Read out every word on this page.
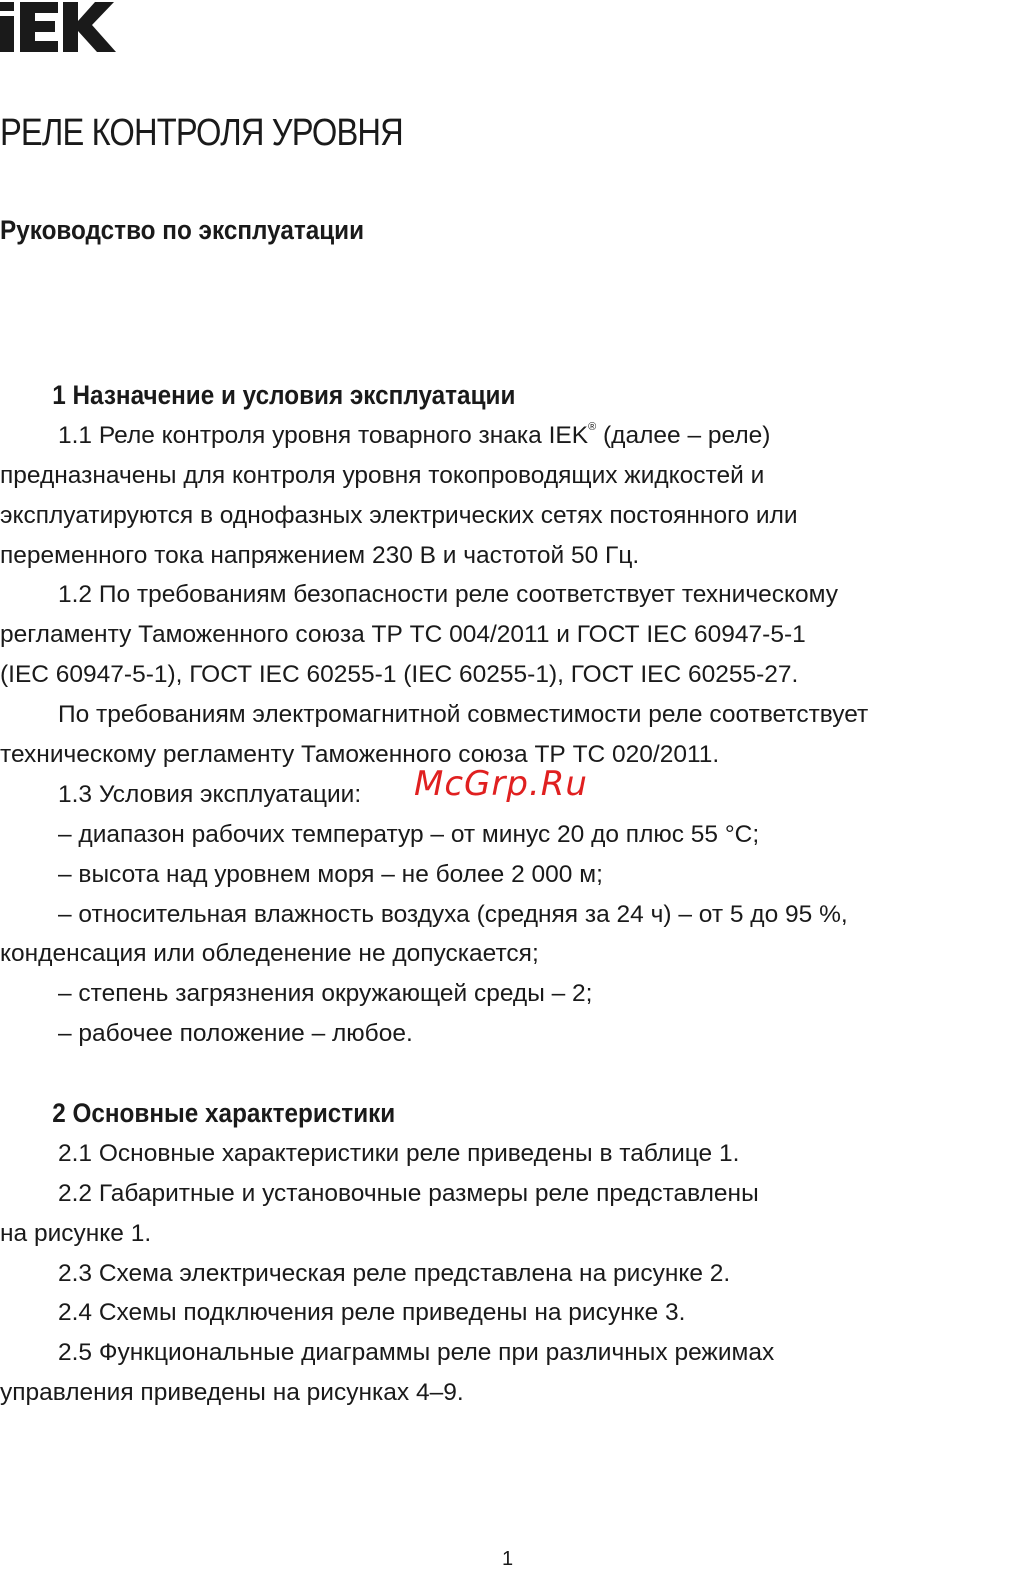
РЕЛЕ КОНТРОЛЯ УРОВНЯ
Руководство по эксплуатации
1 Назначение и условия эксплуатации
1.1 Реле контроля уровня товарного знака IEK® (далее – реле)
предназначены для контроля уровня токопроводящих жидкостей и
эксплуатируются в однофазных электрических сетях постоянного или
переменного тока напряжением 230 В и частотой 50 Гц.
1.2 По требованиям безопасности реле соответствует техническому
регламенту Таможенного союза ТР ТС 004/2011 и ГОСТ IEC 60947-5-1
(IEC 60947-5-1), ГОСТ IEC 60255-1 (IEC 60255-1), ГОСТ IEC 60255-27.
По требованиям электромагнитной совместимости реле соответствует
техническому регламенту Таможенного союза ТР ТС 020/2011.
1.3 Условия эксплуатации:
– диапазон рабочих температур – от минус 20 до плюс 55 °С;
– высота над уровнем моря – не более 2 000 м;
– относительная влажность воздуха (средняя за 24 ч) – от 5 до 95 %,
конденсация или обледенение не допускается;
– степень загрязнения окружающей среды – 2;
– рабочее положение – любое.
2 Основные характеристики
2.1 Основные характеристики реле приведены в таблице 1.
2.2 Габаритные и установочные размеры реле представлены
на рисунке 1.
2.3 Схема электрическая реле представлена на рисунке 2.
2.4 Схемы подключения реле приведены на рисунке 3.
2.5 Функциональные диаграммы реле при различных режимах
управления приведены на рисунках 4–9.
McGrp.Ru
1
